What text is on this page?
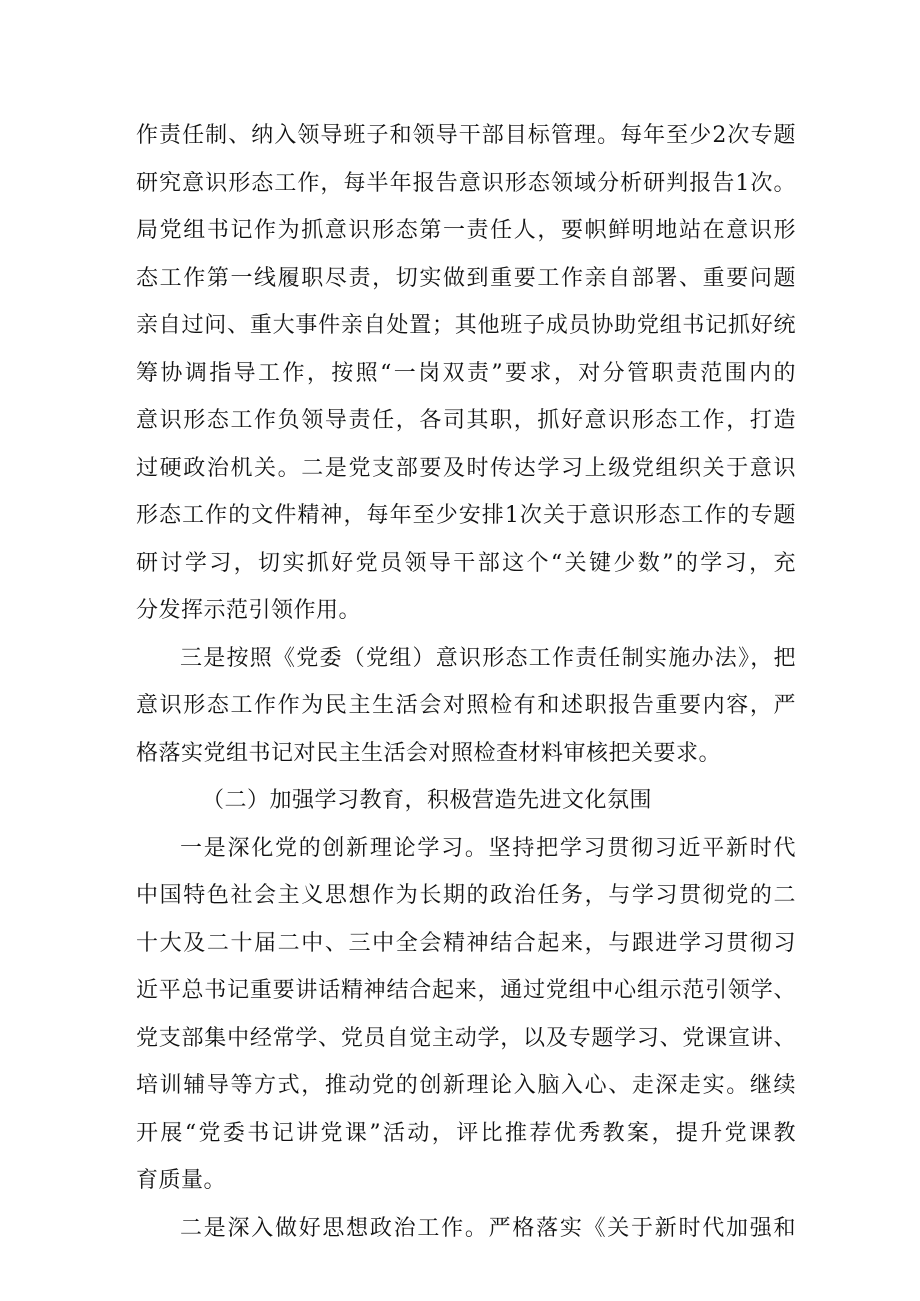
作责任制、纳入领导班子和领导干部目标管理。每年至少2次专题
研究意识形态工作，每半年报告意识形态领域分析研判报告1次。
局党组书记作为抓意识形态第一责任人，要帜鲜明地站在意识形
态工作第一线履职尽责，切实做到重要工作亲自部署、重要问题
亲自过问、重大事件亲自处置；其他班子成员协助党组书记抓好统
筹协调指导工作，按照“一岗双责”要求，对分管职责范围内的
意识形态工作负领导责任，各司其职，抓好意识形态工作，打造
过硬政治机关。二是党支部要及时传达学习上级党组织关于意识
形态工作的文件精神，每年至少安排1次关于意识形态工作的专题
研讨学习，切实抓好党员领导干部这个“关键少数”的学习，充
分发挥示范引领作用。
三是按照《党委（党组）意识形态工作责任制实施办法》，把
意识形态工作作为民主生活会对照检有和述职报告重要内容，严
格落实党组书记对民主生活会对照检查材料审核把关要求。
（二）加强学习教育，积极营造先进文化氛围
一是深化党的创新理论学习。坚持把学习贯彻习近平新时代
中国特色社会主义思想作为长期的政治任务，与学习贯彻党的二
十大及二十届二中、三中全会精神结合起来，与跟进学习贯彻习
近平总书记重要讲话精神结合起来，通过党组中心组示范引领学、
党支部集中经常学、党员自觉主动学，以及专题学习、党课宣讲、
培训辅导等方式，推动党的创新理论入脑入心、走深走实。继续
开展“党委书记讲党课”活动，评比推荐优秀教案，提升党课教
育质量。
二是深入做好思想政治工作。严格落实《关于新时代加强和
